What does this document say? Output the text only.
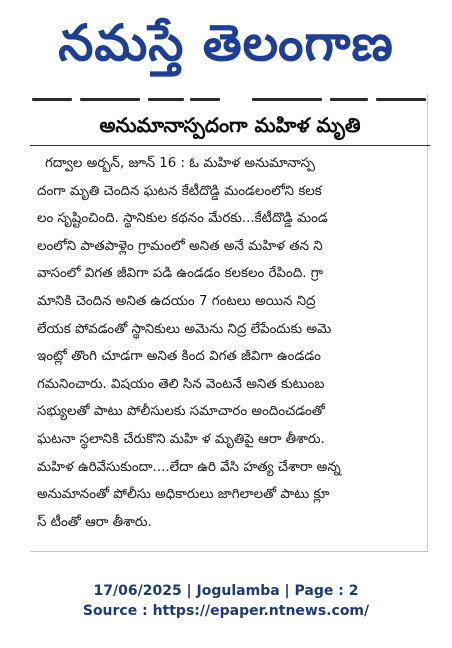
నమస్తే తెలంగాణ
అనుమానాస్పదంగా మహిళ మృతి
గద్వాల అర్బన్, జూన్ 16 : ఓ మహిళ అనుమానాస్ప
దంగా మృతి చెందిన ఘటన కేటీదొడ్డి మండలంలోని కలక
లం సృష్టించింది. స్థానికుల కథనం మేరకు...కేటీదొడ్డి మండ
లంలోని పాతపాళ్లెం గ్రామంలో అనిత అనే మహిళ తన ని
వాసంలో విగత జీవిగా పడి ఉండడం కలకలం రేపింది. గ్రా
మానికి చెందిన అనిత ఉదయం 7 గంటలు అయిన నిద్ర
లేయక పోవడంతో స్థానికులు అమెను నిద్ర లేపేందుకు అమె
ఇంట్లో తొంగి చూడగా అనిత కింద విగత జీవిగా ఉండడం
గమనించారు. విషయం తెలి సిన వెంటనే అనిత కుటుంబ
సభ్యులతో పాటు పోలీసులకు సమాచారం అందించడంతో
ఘటనా స్థలానికి చేరుకొని మహి ళ మృతిపై ఆరా తీశారు.
మహిళ ఉరివేసుకుందా....లేదా ఉరి వేసి హత్య చేశారా అన్న
అనుమానంతో పోలీసు అధికారులు జాగిలాలతో పాటు క్లూ
స్ టీంతో ఆరా తీశారు.
17/06/2025 | Jogulamba | Page : 2
Source : https://epaper.ntnews.com/
